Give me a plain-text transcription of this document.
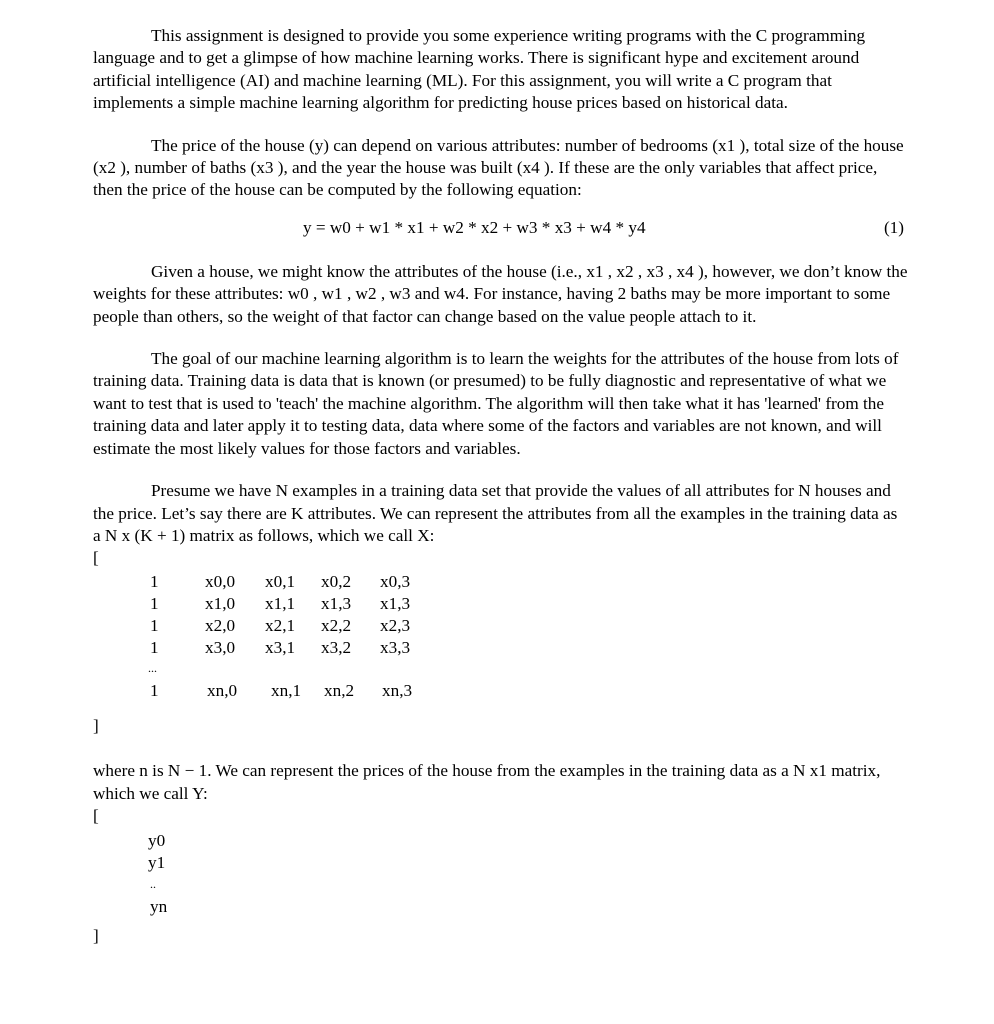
This assignment is designed to provide you some experience writing programs with the C programming language and to get a glimpse of how machine learning works. There is significant hype and excitement around artificial intelligence (AI) and machine learning (ML). For this assignment, you will write a C program that implements a simple machine learning algorithm for predicting house prices based on historical data.

The price of the house (y) can depend on various attributes: number of bedrooms (x1 ), total size of the house (x2 ), number of baths (x3 ), and the year the house was built (x4 ). If these are the only variables that affect price, then the price of the house can be computed by the following equation:

y = w0 + w1 * x1 + w2 * x2 + w3 * x3 + w4 * y4	(1)

Given a house, we might know the attributes of the house (i.e., x1 , x2 , x3 , x4 ), however, we don’t know the weights for these attributes: w0 , w1 , w2 , w3 and w4. For instance, having 2 baths may be more important to some people than others, so the weight of that factor can change based on the value people attach to it.

The goal of our machine learning algorithm is to learn the weights for the attributes of the house from lots of training data. Training data is data that is known (or presumed) to be fully diagnostic and representative of what we want to test that is used to 'teach' the machine algorithm. The algorithm will then take what it has 'learned' from the training data and later apply it to testing data, data where some of the factors and variables are not known, and will estimate the most likely values for those factors and variables.

Presume we have N examples in a training data set that provide the values of all attributes for N houses and the price. Let’s say there are K attributes. We can represent the attributes from all the examples in the training data as a N x (K + 1) matrix as follows, which we call X:

[
1	x0,0 x0,1 x0,2 x0,3
1	x1,0 x1,1 x1,3 x1,3
1	x2,0 x2,1 x2,2 x2,3
1	x3,0 x3,1 x3,2 x3,3
...
1	xn,0 xn,1 xn,2 xn,3
]

where n is N − 1. We can represent the prices of the house from the examples in the training data as a N x1 matrix, which we call Y:

[
y0
y1
..
yn
]
